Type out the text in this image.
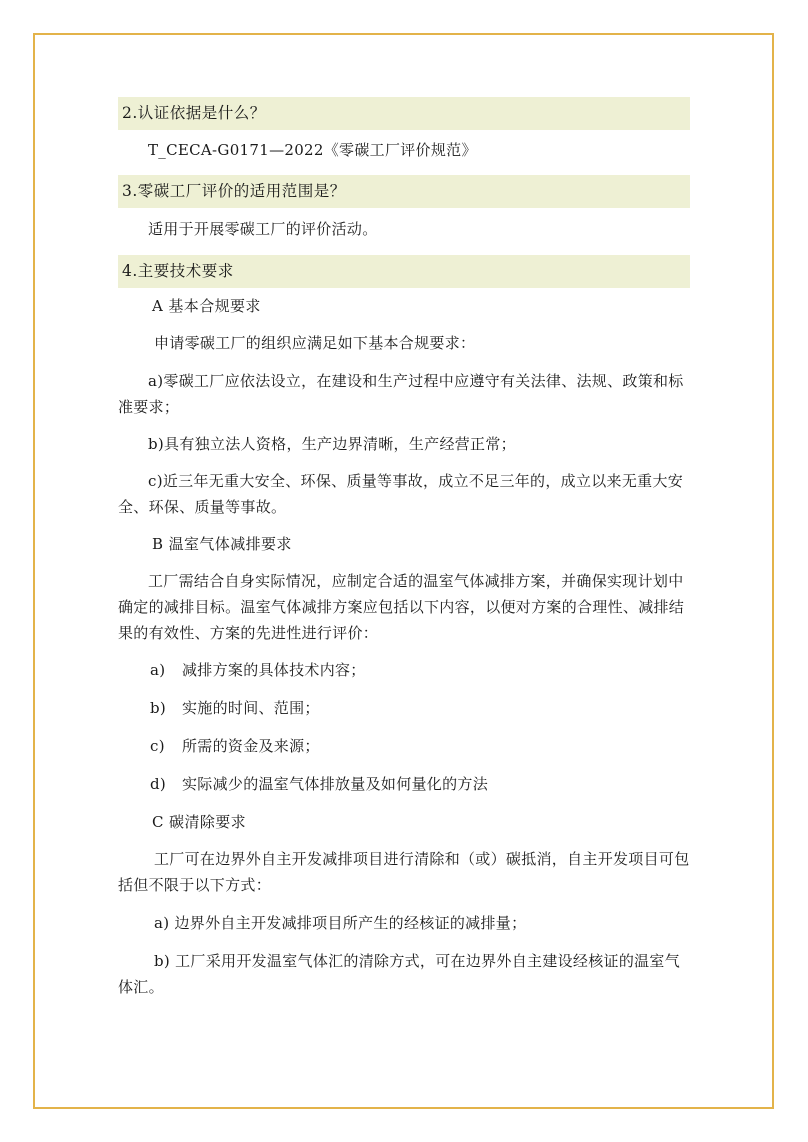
2.认证依据是什么？

T_CECA-G0171—2022《零碳工厂评价规范》

3.零碳工厂评价的适用范围是？

适用于开展零碳工厂的评价活动。

4.主要技术要求

A 基本合规要求

申请零碳工厂的组织应满足如下基本合规要求：

a)零碳工厂应依法设立，在建设和生产过程中应遵守有关法律、法规、政策和标准要求；

b)具有独立法人资格，生产边界清晰，生产经营正常；

c)近三年无重大安全、环保、质量等事故，成立不足三年的，成立以来无重大安全、环保、质量等事故。

B 温室气体减排要求

工厂需结合自身实际情况，应制定合适的温室气体减排方案，并确保实现计划中确定的减排目标。温室气体减排方案应包括以下内容，以便对方案的合理性、减排结果的有效性、方案的先进性进行评价：

a) 减排方案的具体技术内容；

b) 实施的时间、范围；

c) 所需的资金及来源；

d) 实际减少的温室气体排放量及如何量化的方法

C 碳清除要求

工厂可在边界外自主开发减排项目进行清除和（或）碳抵消，自主开发项目可包括但不限于以下方式：

a) 边界外自主开发减排项目所产生的经核证的减排量；

b) 工厂采用开发温室气体汇的清除方式，可在边界外自主建设经核证的温室气体汇。
